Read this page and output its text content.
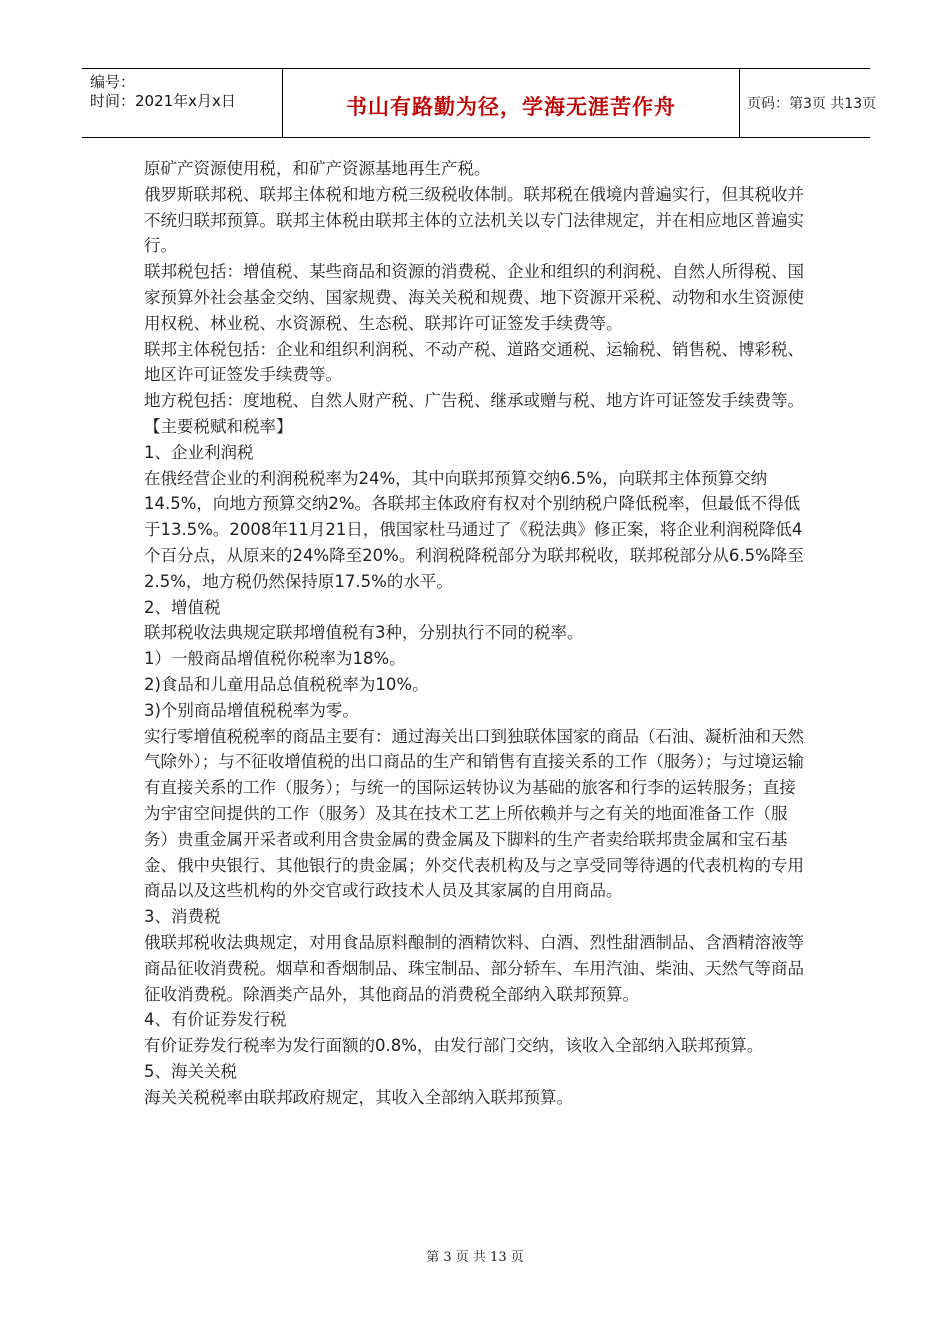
编号：
时间：2021年x月x日	书山有路勤为径，学海无涯苦作舟	页码：第3页 共13页

原矿产资源使用税，和矿产资源基地再生产税。

俄罗斯联邦税、联邦主体税和地方税三级税收体制。联邦税在俄境内普遍实行，但其税收并不统归联邦预算。联邦主体税由联邦主体的立法机关以专门法律规定，并在相应地区普遍实行。

联邦税包括：增值税、某些商品和资源的消费税、企业和组织的利润税、自然人所得税、国家预算外社会基金交纳、国家规费、海关关税和规费、地下资源开采税、动物和水生资源使用权税、林业税、水资源税、生态税、联邦许可证签发手续费等。

联邦主体税包括：企业和组织利润税、不动产税、道路交通税、运输税、销售税、博彩税、地区许可证签发手续费等。

地方税包括：度地税、自然人财产税、广告税、继承或赠与税、地方许可证签发手续费等。

【主要税赋和税率】

1、企业利润税

在俄经营企业的利润税税率为24%，其中向联邦预算交纳6.5%，向联邦主体预算交纳14.5%，向地方预算交纳2%。各联邦主体政府有权对个别纳税户降低税率，但最低不得低于13.5%。2008年11月21日，俄国家杜马通过了《税法典》修正案，将企业利润税降低4个百分点，从原来的24%降至20%。利润税降税部分为联邦税收，联邦税部分从6.5%降至2.5%，地方税仍然保持原17.5%的水平。

2、增值税

联邦税收法典规定联邦增值税有3种，分别执行不同的税率。

1）一般商品增值税你税率为18%。

2)食品和儿童用品总值税税率为10%。

3)个别商品增值税税率为零。

实行零增值税税率的商品主要有：通过海关出口到独联体国家的商品（石油、凝析油和天然气除外）；与不征收增值税的出口商品的生产和销售有直接关系的工作（服务）；与过境运输有直接关系的工作（服务）；与统一的国际运转协议为基础的旅客和行李的运转服务；直接为宇宙空间提供的工作（服务）及其在技术工艺上所依赖并与之有关的地面准备工作（服务）贵重金属开采者或利用含贵金属的费金属及下脚料的生产者卖给联邦贵金属和宝石基金、俄中央银行、其他银行的贵金属；外交代表机构及与之享受同等待遇的代表机构的专用商品以及这些机构的外交官或行政技术人员及其家属的自用商品。

3、消费税

俄联邦税收法典规定，对用食品原料酿制的酒精饮料、白酒、烈性甜酒制品、含酒精溶液等商品征收消费税。烟草和香烟制品、珠宝制品、部分轿车、车用汽油、柴油、天然气等商品征收消费税。除酒类产品外，其他商品的消费税全部纳入联邦预算。

4、有价证券发行税

有价证券发行税率为发行面额的0.8%，由发行部门交纳，该收入全部纳入联邦预算。

5、海关关税

海关关税税率由联邦政府规定，其收入全部纳入联邦预算。

第 3 页 共 13 页
